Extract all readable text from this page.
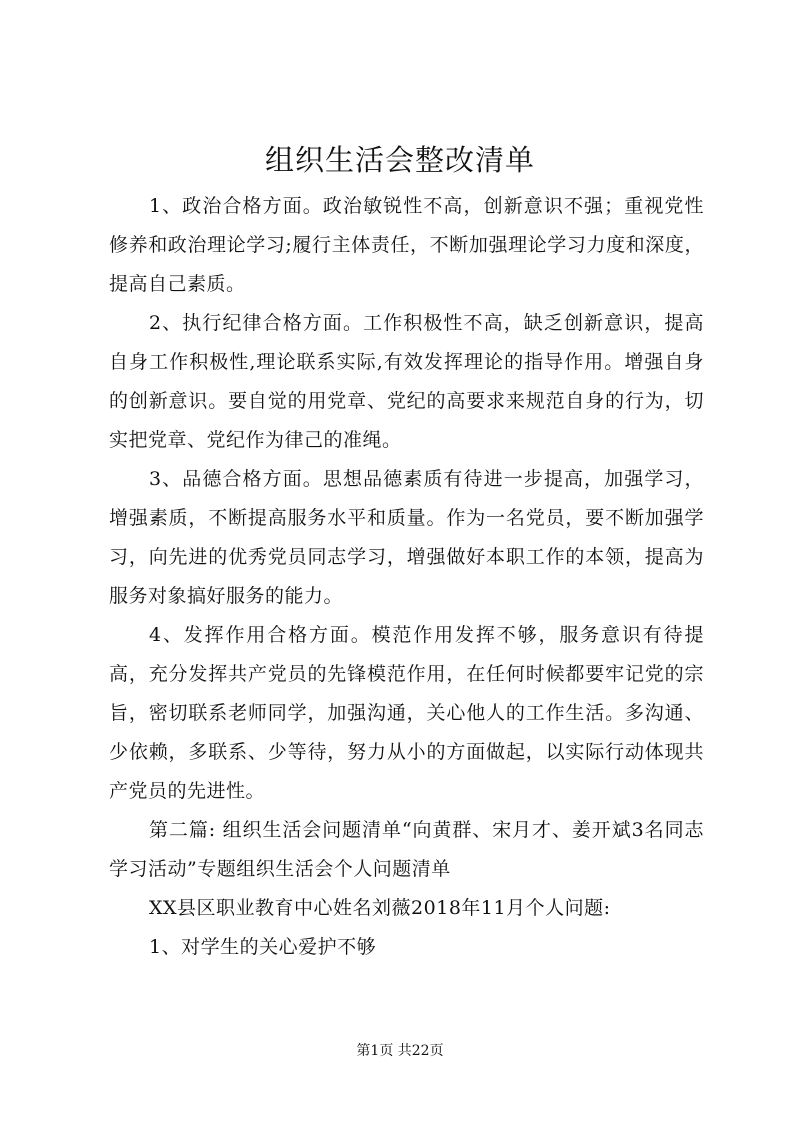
组织生活会整改清单

1、政治合格方面。政治敏锐性不高，创新意识不强；重视党性修养和政治理论学习;履行主体责任，不断加强理论学习力度和深度，提高自己素质。

2、执行纪律合格方面。工作积极性不高，缺乏创新意识，提高自身工作积极性,理论联系实际,有效发挥理论的指导作用。增强自身的创新意识。要自觉的用党章、党纪的高要求来规范自身的行为，切实把党章、党纪作为律己的准绳。

3、品德合格方面。思想品德素质有待进一步提高，加强学习，增强素质，不断提高服务水平和质量。作为一名党员，要不断加强学习，向先进的优秀党员同志学习，增强做好本职工作的本领，提高为服务对象搞好服务的能力。

4、发挥作用合格方面。模范作用发挥不够，服务意识有待提高，充分发挥共产党员的先锋模范作用，在任何时候都要牢记党的宗旨，密切联系老师同学，加强沟通，关心他人的工作生活。多沟通、少依赖，多联系、少等待，努力从小的方面做起，以实际行动体现共产党员的先进性。

第二篇: 组织生活会问题清单“向黄群、宋月才、姜开斌3名同志学习活动”专题组织生活会个人问题清单

XX县区职业教育中心姓名刘薇2018年11月个人问题:

1、对学生的关心爱护不够

第1页 共22页
